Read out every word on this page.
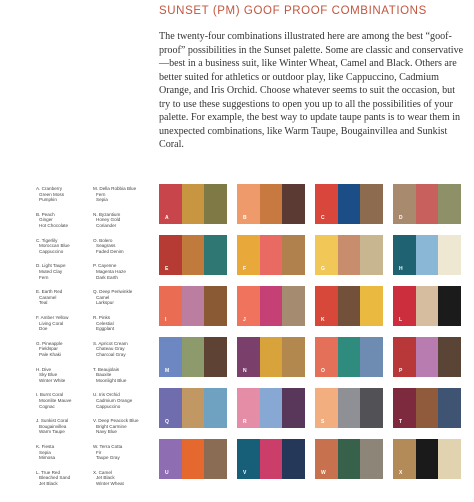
SUNSET (PM) GOOF PROOF COMBINATIONS

The twenty-four combinations illustrated here are among the best “goof-proof” possibilities in the Sunset palette. Some are classic and conservative—best in a business suit, like Winter Wheat, Camel and Black. Others are better suited for athletics or outdoor play, like Cappuccino, Cadmium Orange, and Iris Orchid. Choose whatever seems to suit the occasion, but try to use these suggestions to open you up to all the possibilities of your palette. For example, the best way to update taupe pants is to wear them in unexpected combinations, like Warm Taupe, Bougainvillea and Sunkist Coral.

A. Cranberry
Green Moss
Pumpkin
B. Peach
Ginger
Hot Chocolate
C. Tigerlily
Moroccan Blue
Cappuccino
D. Light Taupe
Muted Clay
Fern
E. Earth Red
Caramel
Teal
F. Amber Yellow
Living Coral
Doe
G. Pineapple
Fieldspar
Pale Khaki
H. Dive
Sky Blue
Winter White
I. Burnt Coral
Moonlite Mauve
Cognac
J. Sunkist Coral
Bougainvillea
Warm Taupe
K. Fiesta
Sepia
Mimosa
L. True Red
Bleached Sand
Jet Black
M. Della Robbia Blue
Fern
Sepia
N. Byzantium
Honey Gold
Coriander
O. Bolero
Seagrass
Faded Denim
P. Cayenne
Magenta Haze
Dark Earth
Q. Deep Periwinkle
Camel
Larkspur
R. Pinks
Celestial
Eggplant
S. Apricot Cream
Chateau Gray
Charcoal Gray
T. Beaujolais
Bauxite
Moonlight Blue
U. Iris Orchid
Cadmium Orange
Cappuccino
V. Deep Peacock Blue
Bright Carmine
Navy Blue
W. Terra Cotta
Fir
Taupe Gray
X. Camel
Jet Black
Winter Wheat
A	B	C	D
E	F	G	H
I	J	K	L
M	N	O	P
Q	R	S	T
U	V	W	X
